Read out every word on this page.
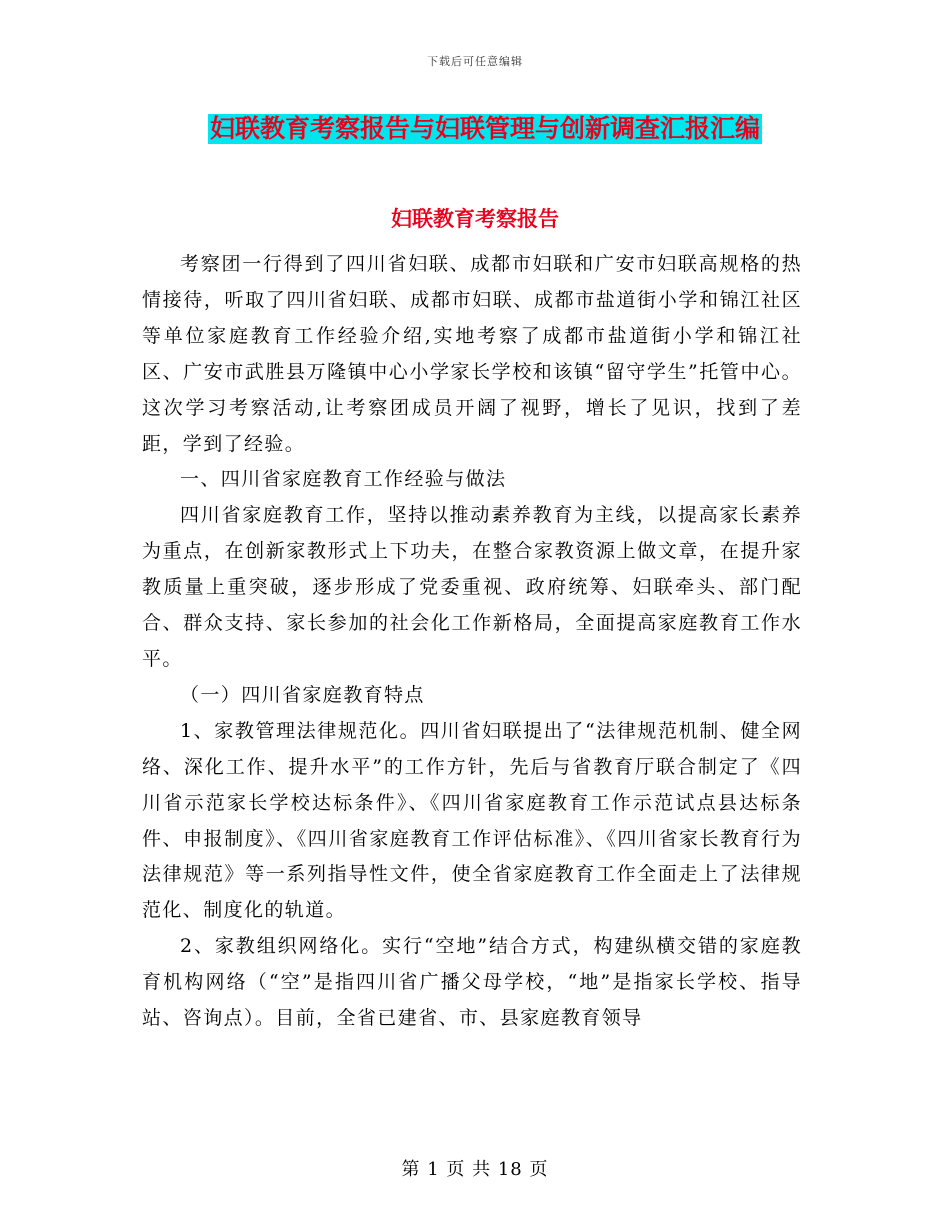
下载后可任意编辑
妇联教育考察报告与妇联管理与创新调查汇报汇编
妇联教育考察报告

考察团一行得到了四川省妇联、成都市妇联和广安市妇联高规格的热情接待，听取了四川省妇联、成都市妇联、成都市盐道街小学和锦江社区等单位家庭教育工作经验介绍,实地考察了成都市盐道街小学和锦江社区、广安市武胜县万隆镇中心小学家长学校和该镇“留守学生”托管中心。这次学习考察活动,让考察团成员开阔了视野，增长了见识，找到了差距，学到了经验。

一、四川省家庭教育工作经验与做法

四川省家庭教育工作，坚持以推动素养教育为主线，以提高家长素养为重点，在创新家教形式上下功夫，在整合家教资源上做文章，在提升家教质量上重突破，逐步形成了党委重视、政府统筹、妇联牵头、部门配合、群众支持、家长参加的社会化工作新格局，全面提高家庭教育工作水平。

（一）四川省家庭教育特点

1、家教管理法律规范化。四川省妇联提出了“法律规范机制、健全网络、深化工作、提升水平”的工作方针，先后与省教育厅联合制定了《四川省示范家长学校达标条件》、《四川省家庭教育工作示范试点县达标条件、申报制度》、《四川省家庭教育工作评估标准》、《四川省家长教育行为法律规范》等一系列指导性文件，使全省家庭教育工作全面走上了法律规范化、制度化的轨道。

2、家教组织网络化。实行“空地”结合方式，构建纵横交错的家庭教育机构网络（“空”是指四川省广播父母学校，“地”是指家长学校、指导站、咨询点）。目前，全省已建省、市、县家庭教育领导

第 1 页 共 18 页
